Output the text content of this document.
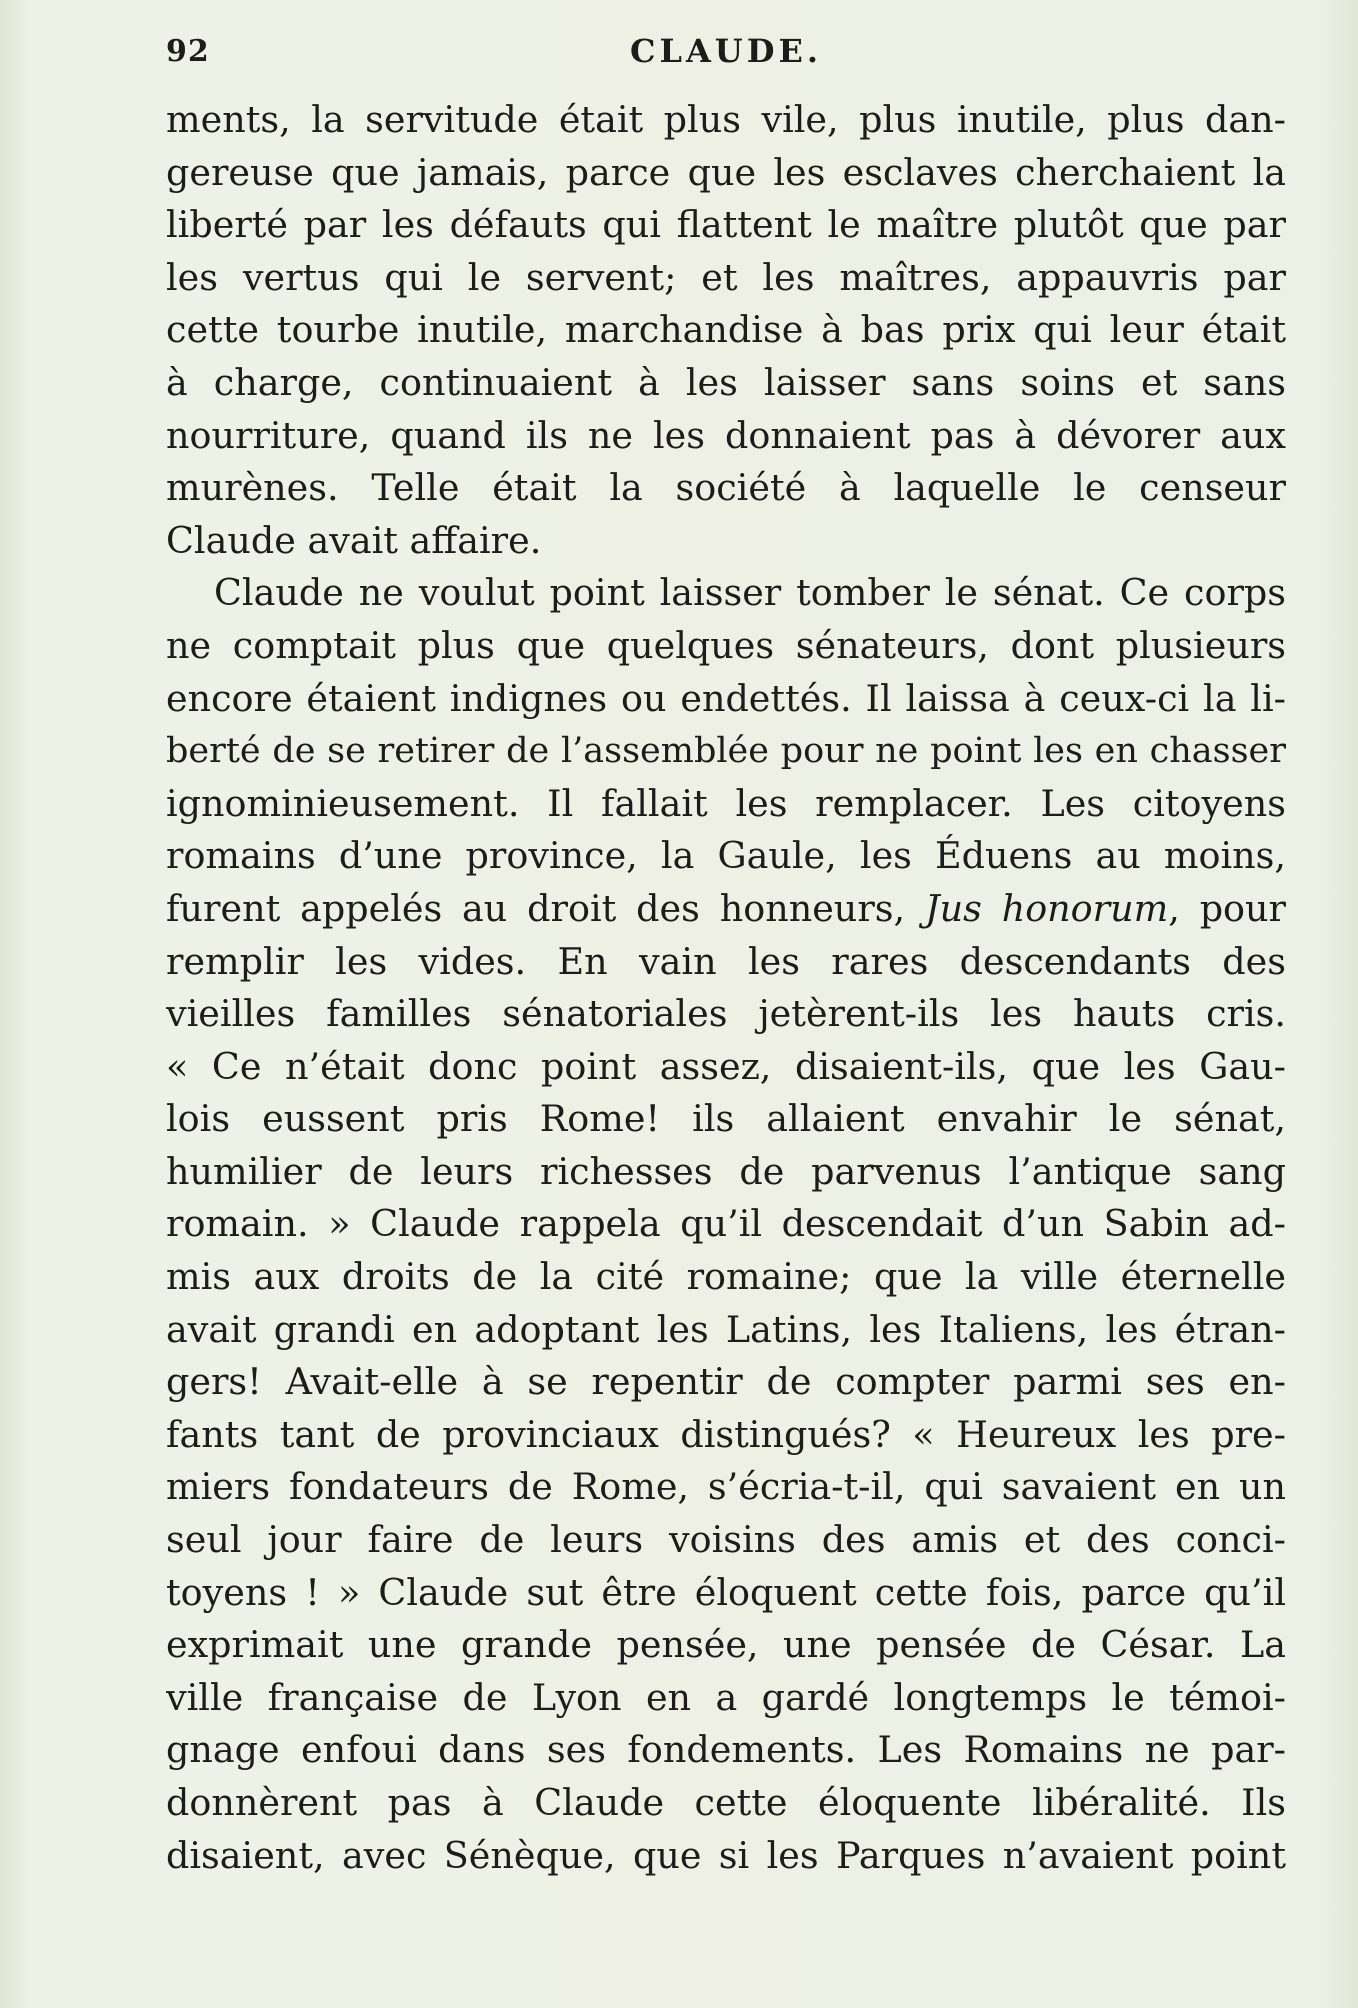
92	CLAUDE.
ments, la servitude était plus vile, plus inutile, plus dan-
gereuse que jamais, parce que les esclaves cherchaient la
liberté par les défauts qui flattent le maître plutôt que par
les vertus qui le servent; et les maîtres, appauvris par
cette tourbe inutile, marchandise à bas prix qui leur était
à charge, continuaient à les laisser sans soins et sans
nourriture, quand ils ne les donnaient pas à dévorer aux
murènes. Telle était la société à laquelle le censeur
Claude avait affaire.
Claude ne voulut point laisser tomber le sénat. Ce corps
ne comptait plus que quelques sénateurs, dont plusieurs
encore étaient indignes ou endettés. Il laissa à ceux-ci la li-
berté de se retirer de l’assemblée pour ne point les en chasser
ignominieusement. Il fallait les remplacer. Les citoyens
romains d’une province, la Gaule, les Éduens au moins,
furent appelés au droit des honneurs, Jus honorum, pour
remplir les vides. En vain les rares descendants des
vieilles familles sénatoriales jetèrent-ils les hauts cris.
« Ce n’était donc point assez, disaient-ils, que les Gau-
lois eussent pris Rome! ils allaient envahir le sénat,
humilier de leurs richesses de parvenus l’antique sang
romain. » Claude rappela qu’il descendait d’un Sabin ad-
mis aux droits de la cité romaine; que la ville éternelle
avait grandi en adoptant les Latins, les Italiens, les étran-
gers! Avait-elle à se repentir de compter parmi ses en-
fants tant de provinciaux distingués? « Heureux les pre-
miers fondateurs de Rome, s’écria-t-il, qui savaient en un
seul jour faire de leurs voisins des amis et des conci-
toyens ! » Claude sut être éloquent cette fois, parce qu’il
exprimait une grande pensée, une pensée de César. La
ville française de Lyon en a gardé longtemps le témoi-
gnage enfoui dans ses fondements. Les Romains ne par-
donnèrent pas à Claude cette éloquente libéralité. Ils
disaient, avec Sénèque, que si les Parques n’avaient point
